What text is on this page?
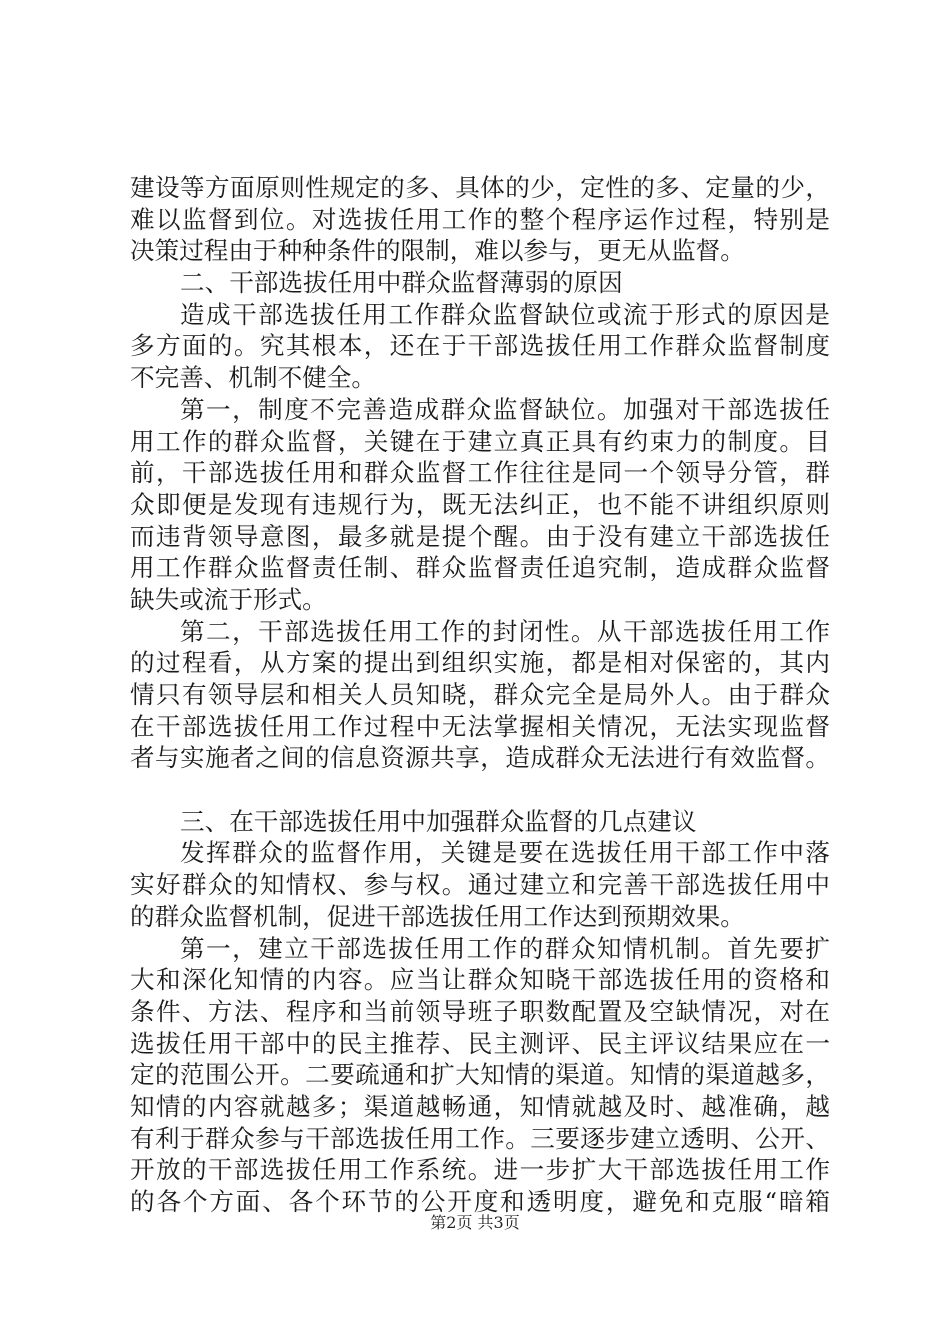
建设等方面原则性规定的多、具体的少，定性的多、定量的少，
难以监督到位。对选拔任用工作的整个程序运作过程，特别是
决策过程由于种种条件的限制，难以参与，更无从监督。
二、干部选拔任用中群众监督薄弱的原因
造成干部选拔任用工作群众监督缺位或流于形式的原因是
多方面的。究其根本，还在于干部选拔任用工作群众监督制度
不完善、机制不健全。
第一，制度不完善造成群众监督缺位。加强对干部选拔任
用工作的群众监督，关键在于建立真正具有约束力的制度。目
前，干部选拔任用和群众监督工作往往是同一个领导分管，群
众即便是发现有违规行为，既无法纠正，也不能不讲组织原则
而违背领导意图，最多就是提个醒。由于没有建立干部选拔任
用工作群众监督责任制、群众监督责任追究制，造成群众监督
缺失或流于形式。
第二，干部选拔任用工作的封闭性。从干部选拔任用工作
的过程看，从方案的提出到组织实施，都是相对保密的，其内
情只有领导层和相关人员知晓，群众完全是局外人。由于群众
在干部选拔任用工作过程中无法掌握相关情况，无法实现监督
者与实施者之间的信息资源共享，造成群众无法进行有效监督。
三、在干部选拔任用中加强群众监督的几点建议
发挥群众的监督作用，关键是要在选拔任用干部工作中落
实好群众的知情权、参与权。通过建立和完善干部选拔任用中
的群众监督机制，促进干部选拔任用工作达到预期效果。
第一，建立干部选拔任用工作的群众知情机制。首先要扩
大和深化知情的内容。应当让群众知晓干部选拔任用的资格和
条件、方法、程序和当前领导班子职数配置及空缺情况，对在
选拔任用干部中的民主推荐、民主测评、民主评议结果应在一
定的范围公开。二要疏通和扩大知情的渠道。知情的渠道越多，
知情的内容就越多；渠道越畅通，知情就越及时、越准确，越
有利于群众参与干部选拔任用工作。三要逐步建立透明、公开、
开放的干部选拔任用工作系统。进一步扩大干部选拔任用工作
的各个方面、各个环节的公开度和透明度，避免和克服“暗箱
第2页 共3页
